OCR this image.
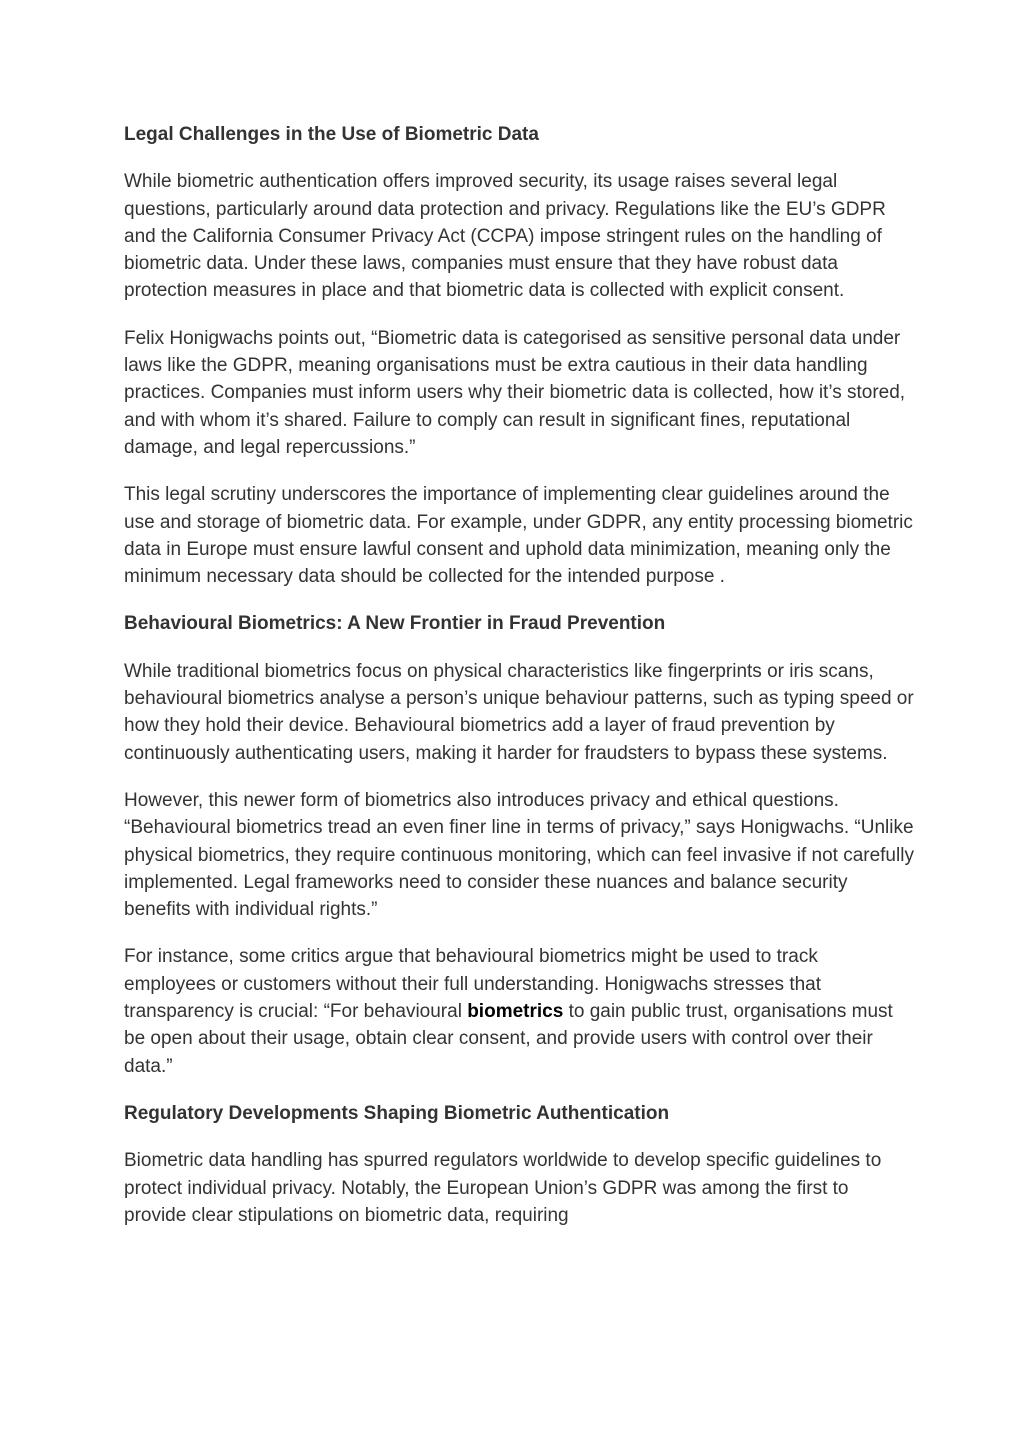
Legal Challenges in the Use of Biometric Data
While biometric authentication offers improved security, its usage raises several legal questions, particularly around data protection and privacy. Regulations like the EU’s GDPR and the California Consumer Privacy Act (CCPA) impose stringent rules on the handling of biometric data. Under these laws, companies must ensure that they have robust data protection measures in place and that biometric data is collected with explicit consent.
Felix Honigwachs points out, “Biometric data is categorised as sensitive personal data under laws like the GDPR, meaning organisations must be extra cautious in their data handling practices. Companies must inform users why their biometric data is collected, how it’s stored, and with whom it’s shared. Failure to comply can result in significant fines, reputational damage, and legal repercussions.”
This legal scrutiny underscores the importance of implementing clear guidelines around the use and storage of biometric data. For example, under GDPR, any entity processing biometric data in Europe must ensure lawful consent and uphold data minimization, meaning only the minimum necessary data should be collected for the intended purpose .
Behavioural Biometrics: A New Frontier in Fraud Prevention
While traditional biometrics focus on physical characteristics like fingerprints or iris scans, behavioural biometrics analyse a person’s unique behaviour patterns, such as typing speed or how they hold their device. Behavioural biometrics add a layer of fraud prevention by continuously authenticating users, making it harder for fraudsters to bypass these systems.
However, this newer form of biometrics also introduces privacy and ethical questions. “Behavioural biometrics tread an even finer line in terms of privacy,” says Honigwachs. “Unlike physical biometrics, they require continuous monitoring, which can feel invasive if not carefully implemented. Legal frameworks need to consider these nuances and balance security benefits with individual rights.”
For instance, some critics argue that behavioural biometrics might be used to track employees or customers without their full understanding. Honigwachs stresses that transparency is crucial: “For behavioural biometrics to gain public trust, organisations must be open about their usage, obtain clear consent, and provide users with control over their data.”
Regulatory Developments Shaping Biometric Authentication
Biometric data handling has spurred regulators worldwide to develop specific guidelines to protect individual privacy. Notably, the European Union’s GDPR was among the first to provide clear stipulations on biometric data, requiring
